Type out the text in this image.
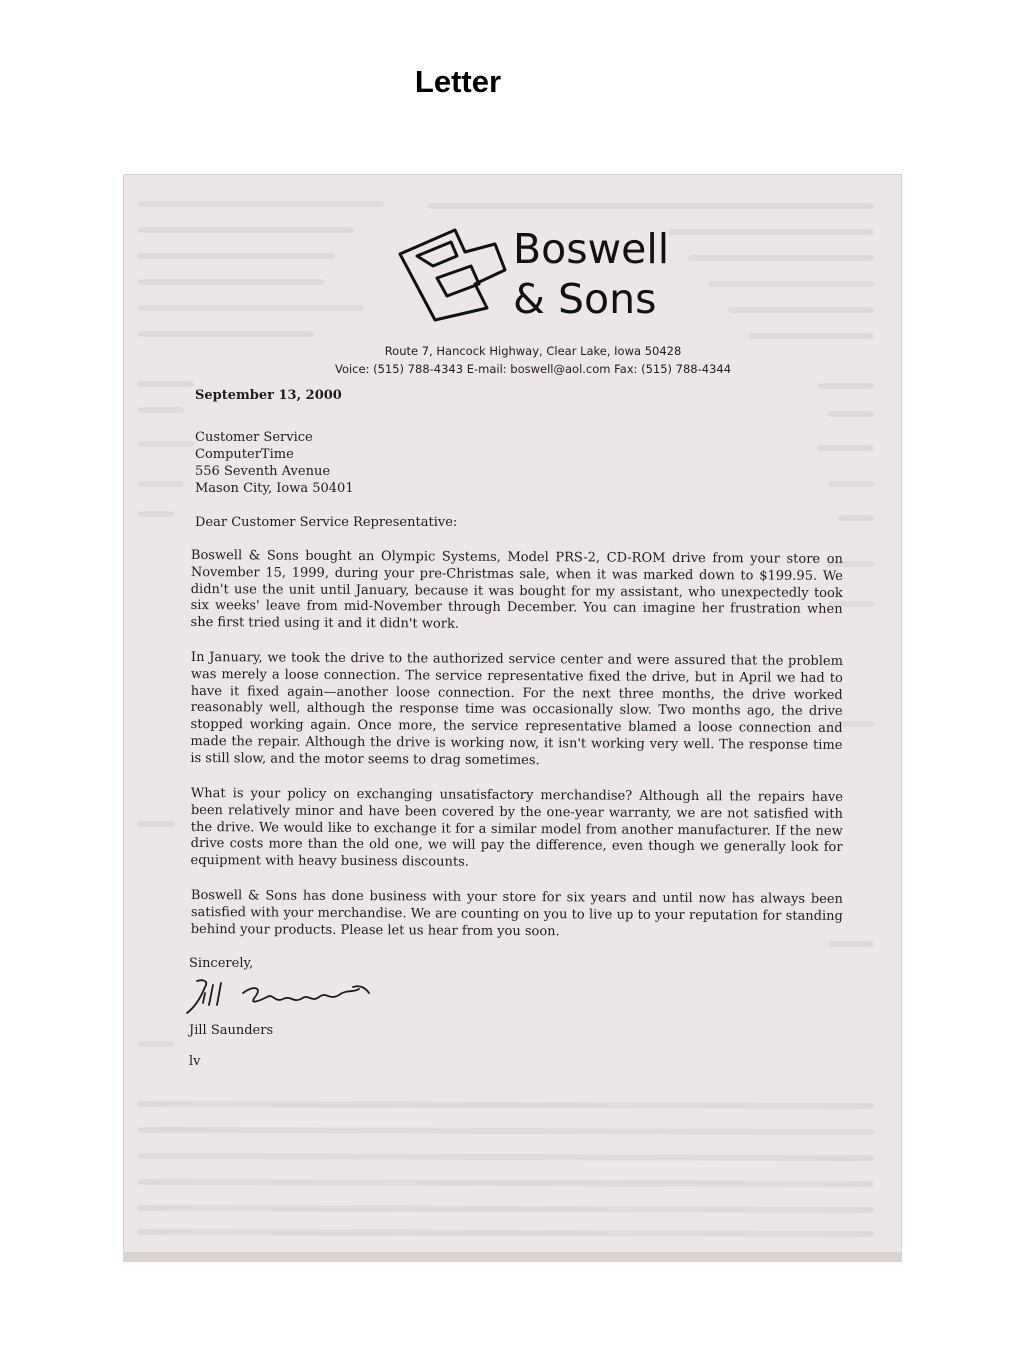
Letter
Boswell
& Sons
Route 7, Hancock Highway, Clear Lake, Iowa 50428
Voice: (515) 788-4343 E-mail: boswell@aol.com Fax: (515) 788-4344
September 13, 2000
Customer Service
ComputerTime
556 Seventh Avenue
Mason City, Iowa 50401
Dear Customer Service Representative:
Boswell & Sons bought an Olympic Systems, Model PRS-2, CD-ROM drive from your store on November 15, 1999, during your pre-Christmas sale, when it was marked down to $199.95. We didn't use the unit until January, because it was bought for my assistant, who unexpectedly took six weeks' leave from mid-November through December. You can imagine her frustration when she first tried using it and it didn't work.
In January, we took the drive to the authorized service center and were assured that the problem was merely a loose connection. The service representative fixed the drive, but in April we had to have it fixed again—another loose connection. For the next three months, the drive worked reasonably well, although the response time was occasionally slow. Two months ago, the drive stopped working again. Once more, the service representative blamed a loose connection and made the repair. Although the drive is working now, it isn't working very well. The response time is still slow, and the motor seems to drag sometimes.
What is your policy on exchanging unsatisfactory merchandise? Although all the repairs have been relatively minor and have been covered by the one-year warranty, we are not satisfied with the drive. We would like to exchange it for a similar model from another manufacturer. If the new drive costs more than the old one, we will pay the difference, even though we generally look for equipment with heavy business discounts.
Boswell & Sons has done business with your store for six years and until now has always been satisfied with your merchandise. We are counting on you to live up to your reputation for standing behind your products. Please let us hear from you soon.
Sincerely,
Jill Saunders
lv
